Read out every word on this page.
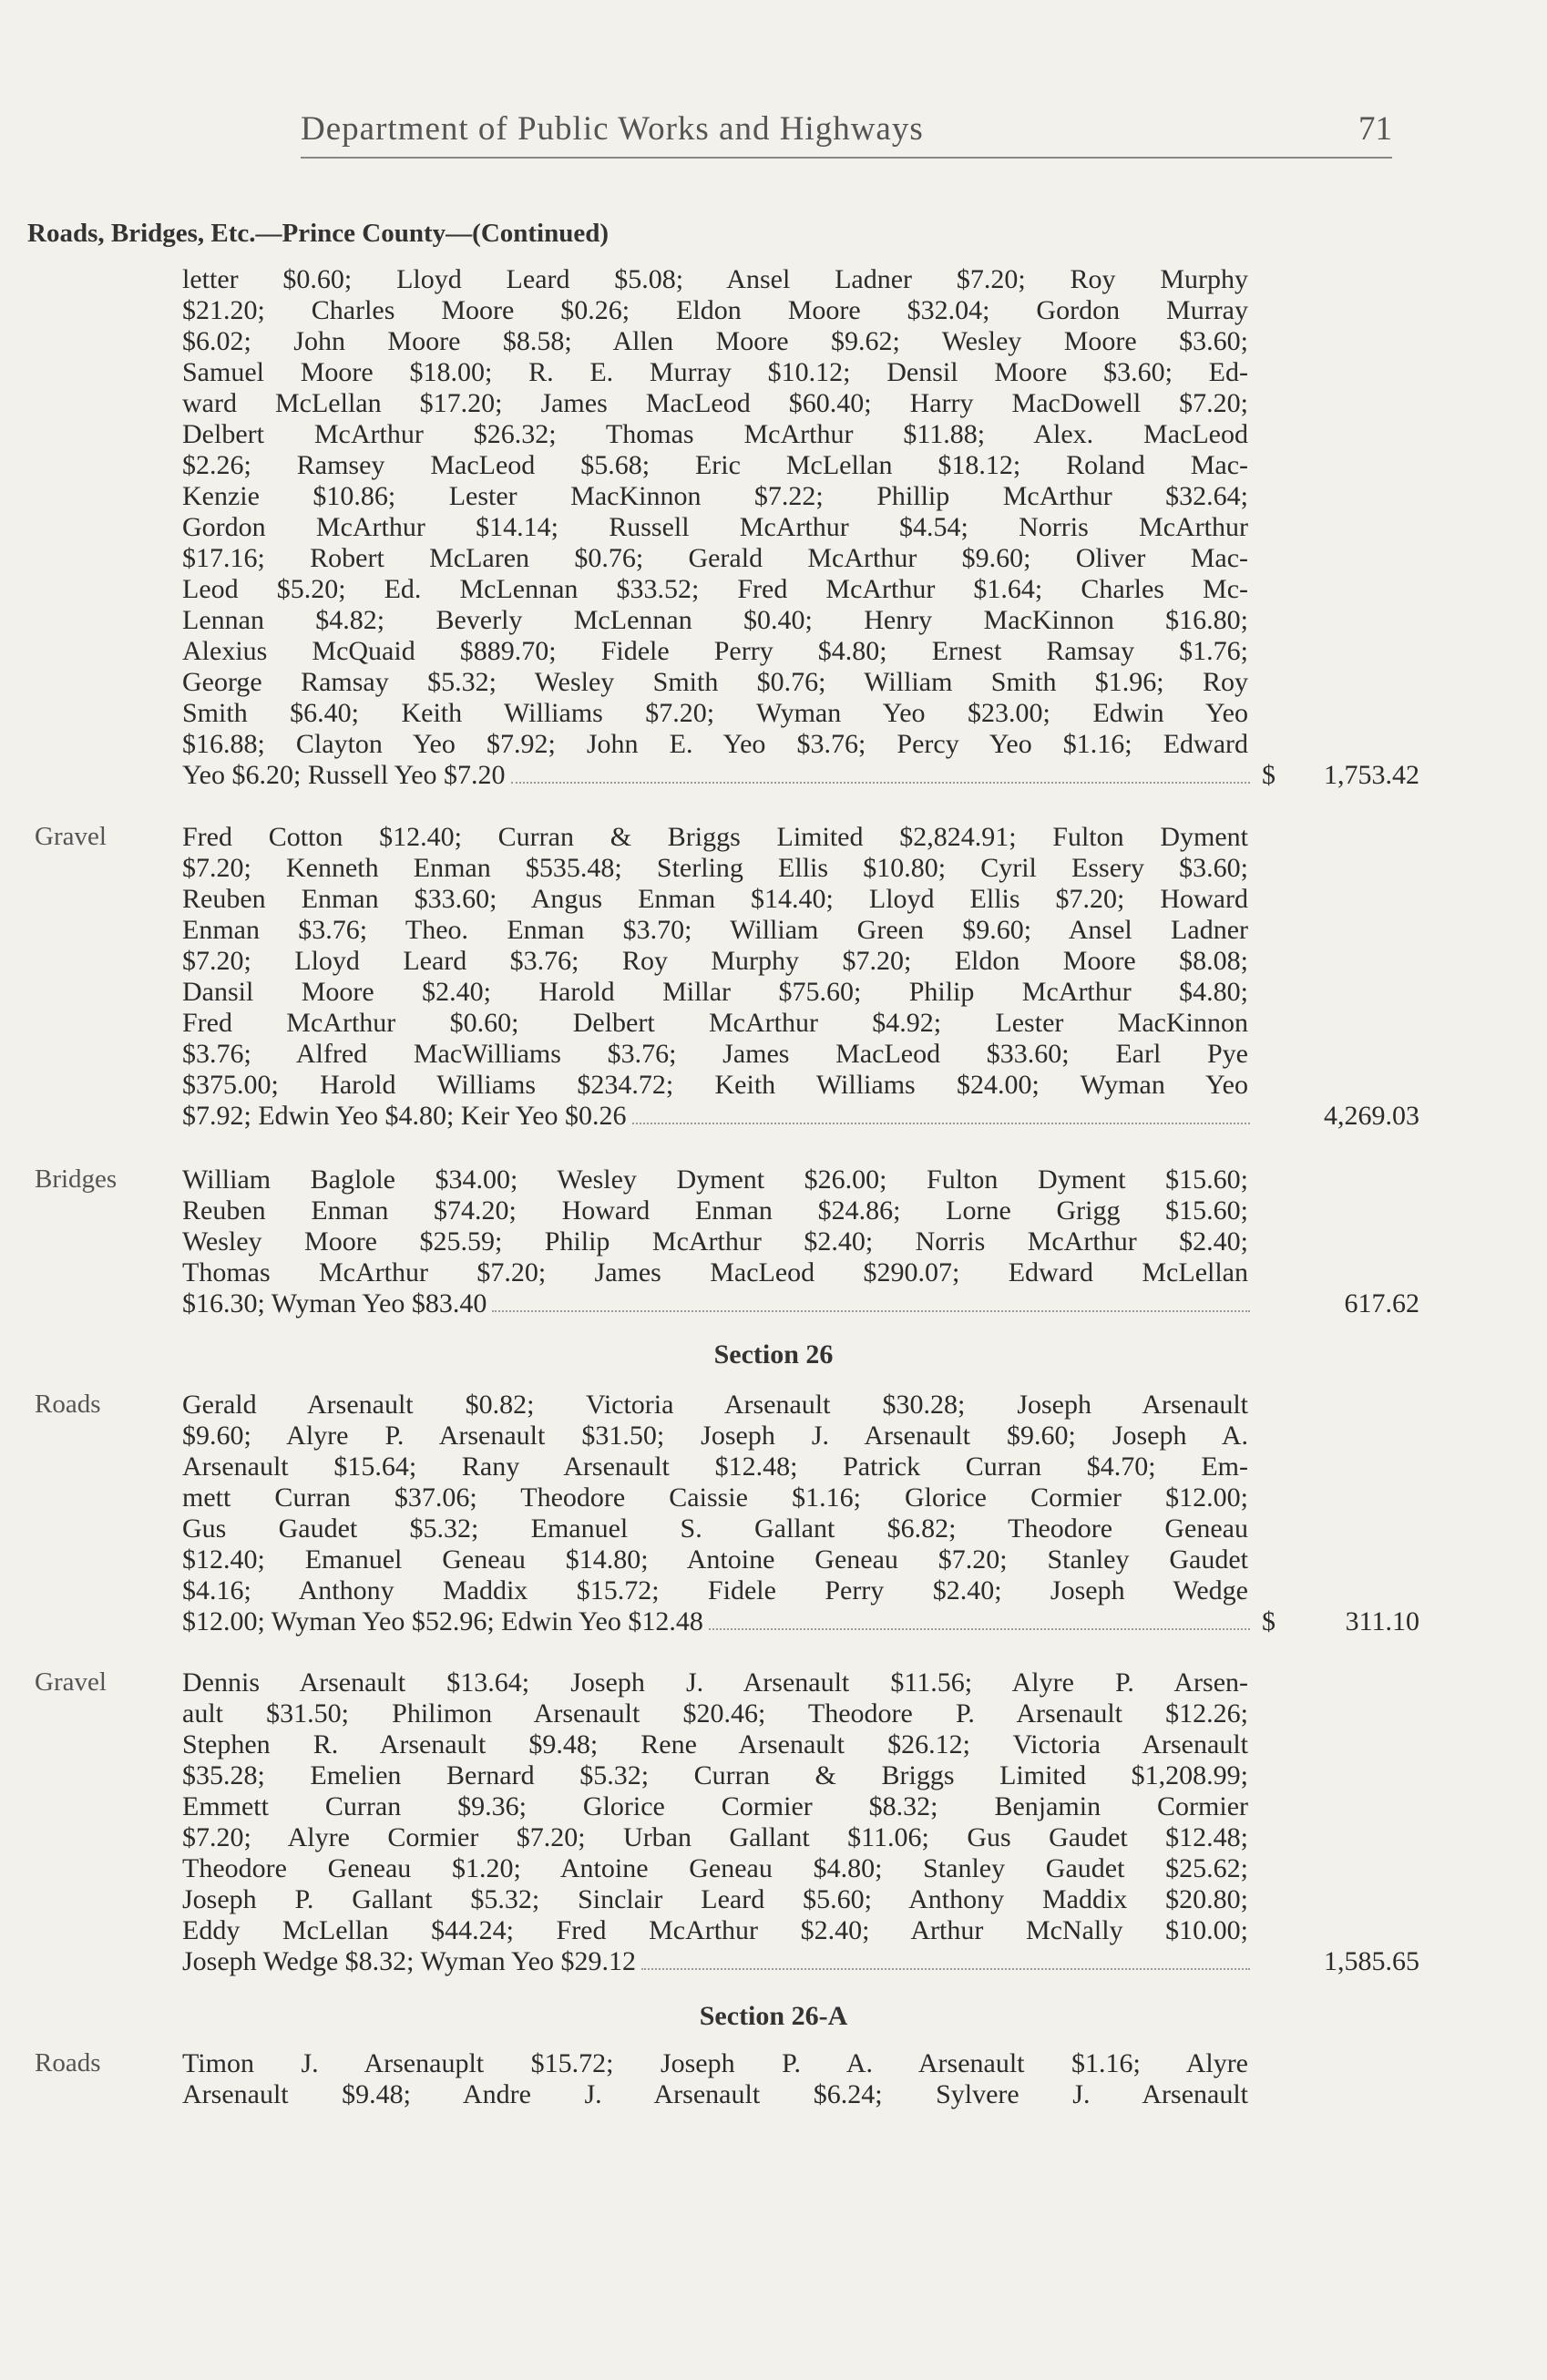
Department of Public Works and Highways	71
Roads, Bridges, Etc.—Prince County—(Continued)
letter $0.60; Lloyd Leard $5.08; Ansel Ladner $7.20; Roy Murphy
$21.20; Charles Moore $0.26; Eldon Moore $32.04; Gordon Murray
$6.02; John Moore $8.58; Allen Moore $9.62; Wesley Moore $3.60;
Samuel Moore $18.00; R. E. Murray $10.12; Densil Moore $3.60; Ed-
ward McLellan $17.20; James MacLeod $60.40; Harry MacDowell $7.20;
Delbert McArthur $26.32; Thomas McArthur $11.88; Alex. MacLeod
$2.26; Ramsey MacLeod $5.68; Eric McLellan $18.12; Roland Mac-
Kenzie $10.86; Lester MacKinnon $7.22; Phillip McArthur $32.64;
Gordon McArthur $14.14; Russell McArthur $4.54; Norris McArthur
$17.16; Robert McLaren $0.76; Gerald McArthur $9.60; Oliver Mac-
Leod $5.20; Ed. McLennan $33.52; Fred McArthur $1.64; Charles Mc-
Lennan $4.82; Beverly McLennan $0.40; Henry MacKinnon $16.80;
Alexius McQuaid $889.70; Fidele Perry $4.80; Ernest Ramsay $1.76;
George Ramsay $5.32; Wesley Smith $0.76; William Smith $1.96; Roy
Smith $6.40; Keith Williams $7.20; Wyman Yeo $23.00; Edwin Yeo
$16.88; Clayton Yeo $7.92; John E. Yeo $3.76; Percy Yeo $1.16; Edward
Yeo $6.20; Russell Yeo $7.20	$	1,753.42
Gravel	Fred Cotton $12.40; Curran & Briggs Limited $2,824.91; Fulton Dyment
$7.20; Kenneth Enman $535.48; Sterling Ellis $10.80; Cyril Essery $3.60;
Reuben Enman $33.60; Angus Enman $14.40; Lloyd Ellis $7.20; Howard
Enman $3.76; Theo. Enman $3.70; William Green $9.60; Ansel Ladner
$7.20; Lloyd Leard $3.76; Roy Murphy $7.20; Eldon Moore $8.08;
Dansil Moore $2.40; Harold Millar $75.60; Philip McArthur $4.80;
Fred McArthur $0.60; Delbert McArthur $4.92; Lester MacKinnon
$3.76; Alfred MacWilliams $3.76; James MacLeod $33.60; Earl Pye
$375.00; Harold Williams $234.72; Keith Williams $24.00; Wyman Yeo
$7.92; Edwin Yeo $4.80; Keir Yeo $0.26	4,269.03
Bridges	William Baglole $34.00; Wesley Dyment $26.00; Fulton Dyment $15.60;
Reuben Enman $74.20; Howard Enman $24.86; Lorne Grigg $15.60;
Wesley Moore $25.59; Philip McArthur $2.40; Norris McArthur $2.40;
Thomas McArthur $7.20; James MacLeod $290.07; Edward McLellan
$16.30; Wyman Yeo $83.40	617.62
Section 26
Roads	Gerald Arsenault $0.82; Victoria Arsenault $30.28; Joseph Arsenault
$9.60; Alyre P. Arsenault $31.50; Joseph J. Arsenault $9.60; Joseph A.
Arsenault $15.64; Rany Arsenault $12.48; Patrick Curran $4.70; Em-
mett Curran $37.06; Theodore Caissie $1.16; Glorice Cormier $12.00;
Gus Gaudet $5.32; Emanuel S. Gallant $6.82; Theodore Geneau
$12.40; Emanuel Geneau $14.80; Antoine Geneau $7.20; Stanley Gaudet
$4.16; Anthony Maddix $15.72; Fidele Perry $2.40; Joseph Wedge
$12.00; Wyman Yeo $52.96; Edwin Yeo $12.48	$	311.10
Gravel	Dennis Arsenault $13.64; Joseph J. Arsenault $11.56; Alyre P. Arsen-
ault $31.50; Philimon Arsenault $20.46; Theodore P. Arsenault $12.26;
Stephen R. Arsenault $9.48; Rene Arsenault $26.12; Victoria Arsenault
$35.28; Emelien Bernard $5.32; Curran & Briggs Limited $1,208.99;
Emmett Curran $9.36; Glorice Cormier $8.32; Benjamin Cormier
$7.20; Alyre Cormier $7.20; Urban Gallant $11.06; Gus Gaudet $12.48;
Theodore Geneau $1.20; Antoine Geneau $4.80; Stanley Gaudet $25.62;
Joseph P. Gallant $5.32; Sinclair Leard $5.60; Anthony Maddix $20.80;
Eddy McLellan $44.24; Fred McArthur $2.40; Arthur McNally $10.00;
Joseph Wedge $8.32; Wyman Yeo $29.12	1,585.65
Section 26-A
Roads	Timon J. Arsenauplt $15.72; Joseph P. A. Arsenault $1.16; Alyre
Arsenault $9.48; Andre J. Arsenault $6.24; Sylvere J. Arsenault
